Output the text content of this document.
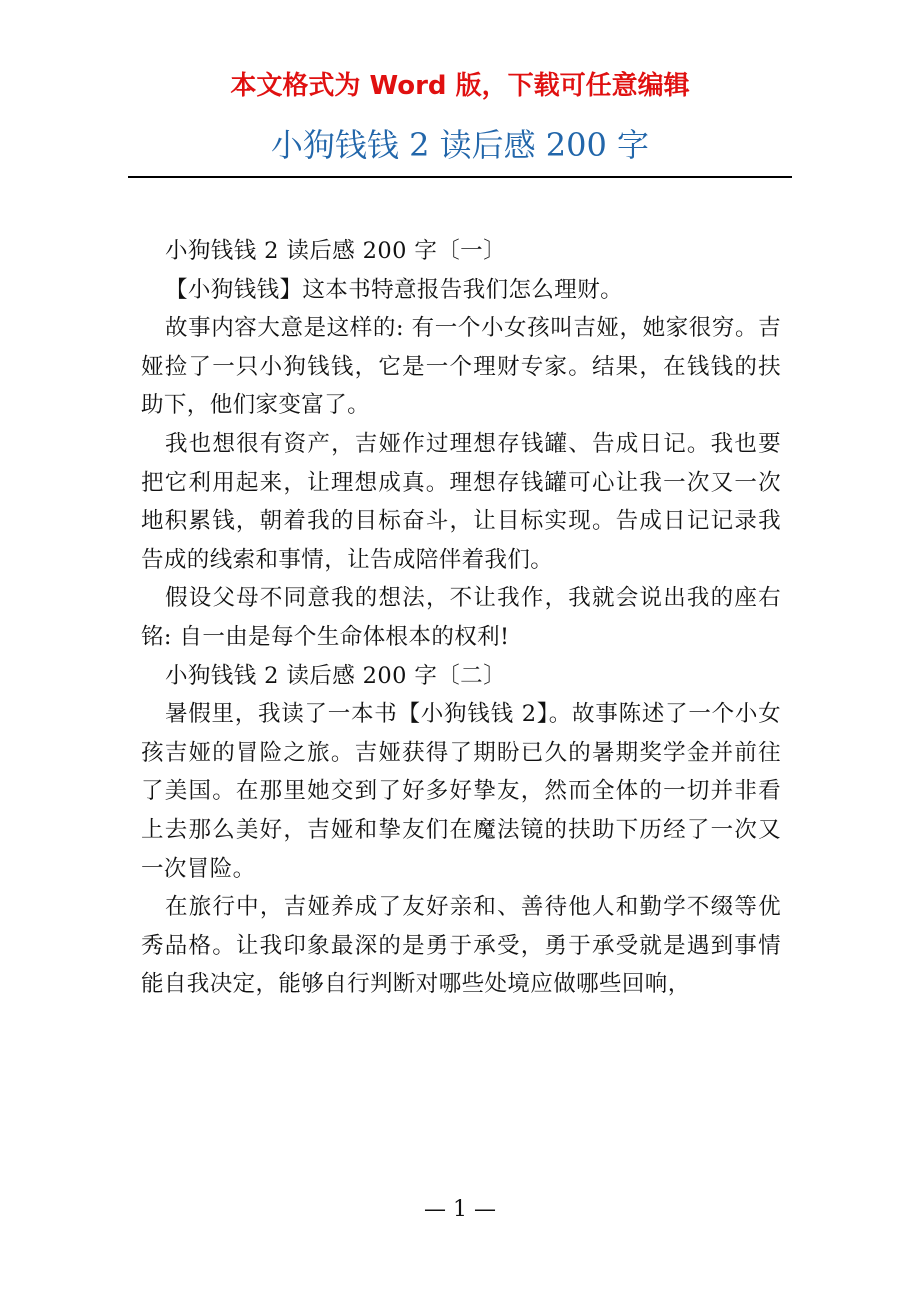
本文格式为 Word 版，下载可任意编辑
小狗钱钱 2 读后感 200 字

小狗钱钱 2 读后感 200 字〔一〕

【小狗钱钱】这本书特意报告我们怎么理财。

故事内容大意是这样的: 有一个小女孩叫吉娅，她家很穷。吉娅捡了一只小狗钱钱，它是一个理财专家。结果，在钱钱的扶助下，他们家变富了。

我也想很有资产，吉娅作过理想存钱罐、告成日记。我也要把它利用起来，让理想成真。理想存钱罐可心让我一次又一次地积累钱，朝着我的目标奋斗，让目标实现。告成日记记录我告成的线索和事情，让告成陪伴着我们。

假设父母不同意我的想法，不让我作，我就会说出我的座右铭: 自一由是每个生命体根本的权利!

小狗钱钱 2 读后感 200 字〔二〕

暑假里，我读了一本书【小狗钱钱 2】。故事陈述了一个小女孩吉娅的冒险之旅。吉娅获得了期盼已久的暑期奖学金并前往了美国。在那里她交到了好多好挚友，然而全体的一切并非看上去那么美好，吉娅和挚友们在魔法镜的扶助下历经了一次又一次冒险。

在旅行中，吉娅养成了友好亲和、善待他人和勤学不缀等优秀品格。让我印象最深的是勇于承受，勇于承受就是遇到事情能自我决定，能够自行判断对哪些处境应做哪些回响，

— 1 —
